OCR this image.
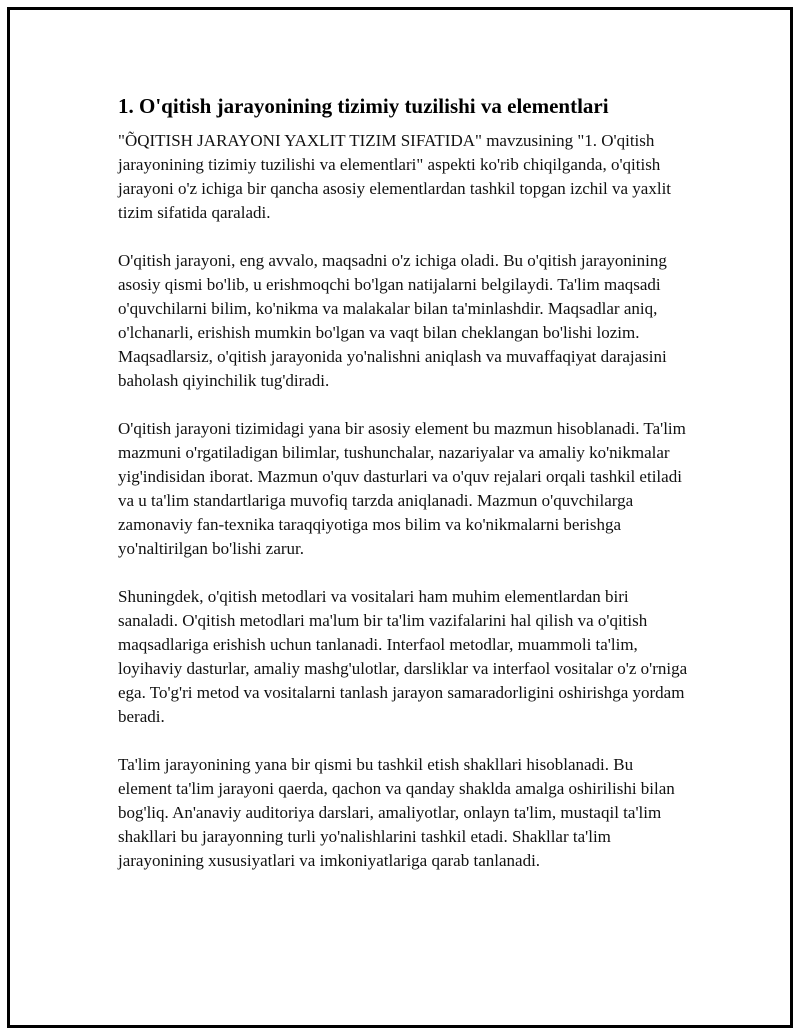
1. O'qitish jarayonining tizimiy tuzilishi va elementlari

"ÕQITISH JARAYONI YAXLIT TIZIM SIFATIDA" mavzusining "1. O'qitish jarayonining tizimiy tuzilishi va elementlari" aspekti ko'rib chiqilganda, o'qitish jarayoni o'z ichiga bir qancha asosiy elementlardan tashkil topgan izchil va yaxlit tizim sifatida qaraladi.

O'qitish jarayoni, eng avvalo, maqsadni o'z ichiga oladi. Bu o'qitish jarayonining asosiy qismi bo'lib, u erishmoqchi bo'lgan natijalarni belgilaydi. Ta'lim maqsadi o'quvchilarni bilim, ko'nikma va malakalar bilan ta'minlashdir. Maqsadlar aniq, o'lchanarli, erishish mumkin bo'lgan va vaqt bilan cheklangan bo'lishi lozim. Maqsadlarsiz, o'qitish jarayonida yo'nalishni aniqlash va muvaffaqiyat darajasini baholash qiyinchilik tug'diradi.

O'qitish jarayoni tizimidagi yana bir asosiy element bu mazmun hisoblanadi. Ta'lim mazmuni o'rgatiladigan bilimlar, tushunchalar, nazariyalar va amaliy ko'nikmalar yig'indisidan iborat. Mazmun o'quv dasturlari va o'quv rejalari orqali tashkil etiladi va u ta'lim standartlariga muvofiq tarzda aniqlanadi. Mazmun o'quvchilarga zamonaviy fan-texnika taraqqiyotiga mos bilim va ko'nikmalarni berishga yo'naltirilgan bo'lishi zarur.

Shuningdek, o'qitish metodlari va vositalari ham muhim elementlardan biri sanaladi. O'qitish metodlari ma'lum bir ta'lim vazifalarini hal qilish va o'qitish maqsadlariga erishish uchun tanlanadi. Interfaol metodlar, muammoli ta'lim, loyihaviy dasturlar, amaliy mashg'ulotlar, darsliklar va interfaol vositalar o'z o'rniga ega. To'g'ri metod va vositalarni tanlash jarayon samaradorligini oshirishga yordam beradi.

Ta'lim jarayonining yana bir qismi bu tashkil etish shakllari hisoblanadi. Bu element ta'lim jarayoni qaerda, qachon va qanday shaklda amalga oshirilishi bilan bog'liq. An'anaviy auditoriya darslari, amaliyotlar, onlayn ta'lim, mustaqil ta'lim shakllari bu jarayonning turli yo'nalishlarini tashkil etadi. Shakllar ta'lim jarayonining xususiyatlari va imkoniyatlariga qarab tanlanadi.
